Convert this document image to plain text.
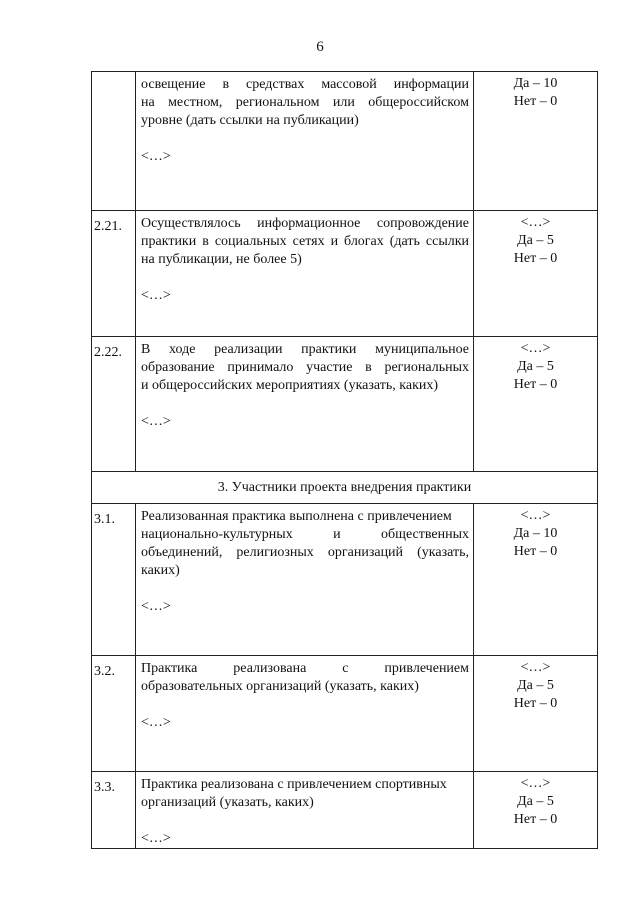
6

	освещение в средствах массовой информации
на местном, региональном или общероссийском
уровне (дать ссылки на публикации)
<…>	Да – 10
Нет – 0

2.21.	Осуществлялось информационное сопровождение
практики в социальных сетях и блогах (дать ссылки
на публикации, не более 5)
<…>	<…>
Да – 5
Нет – 0

2.22.	В ходе реализации практики муниципальное
образование принимало участие в региональных
и общероссийских мероприятиях (указать, каких)
<…>	<…>
Да – 5
Нет – 0

3. Участники проекта внедрения практики		
3.1.	Реализованная практика выполнена с привлечением
национально-культурных и общественных
объединений, религиозных организаций (указать,
каких)
<…>	<…>
Да – 10
Нет – 0

3.2.	Практика реализована с привлечением
образовательных организаций (указать, каких)
<…>	<…>
Да – 5
Нет – 0

3.3.	Практика реализована с привлечением спортивных
организаций (указать, каких)
<…>	<…>
Да – 5
Нет – 0
